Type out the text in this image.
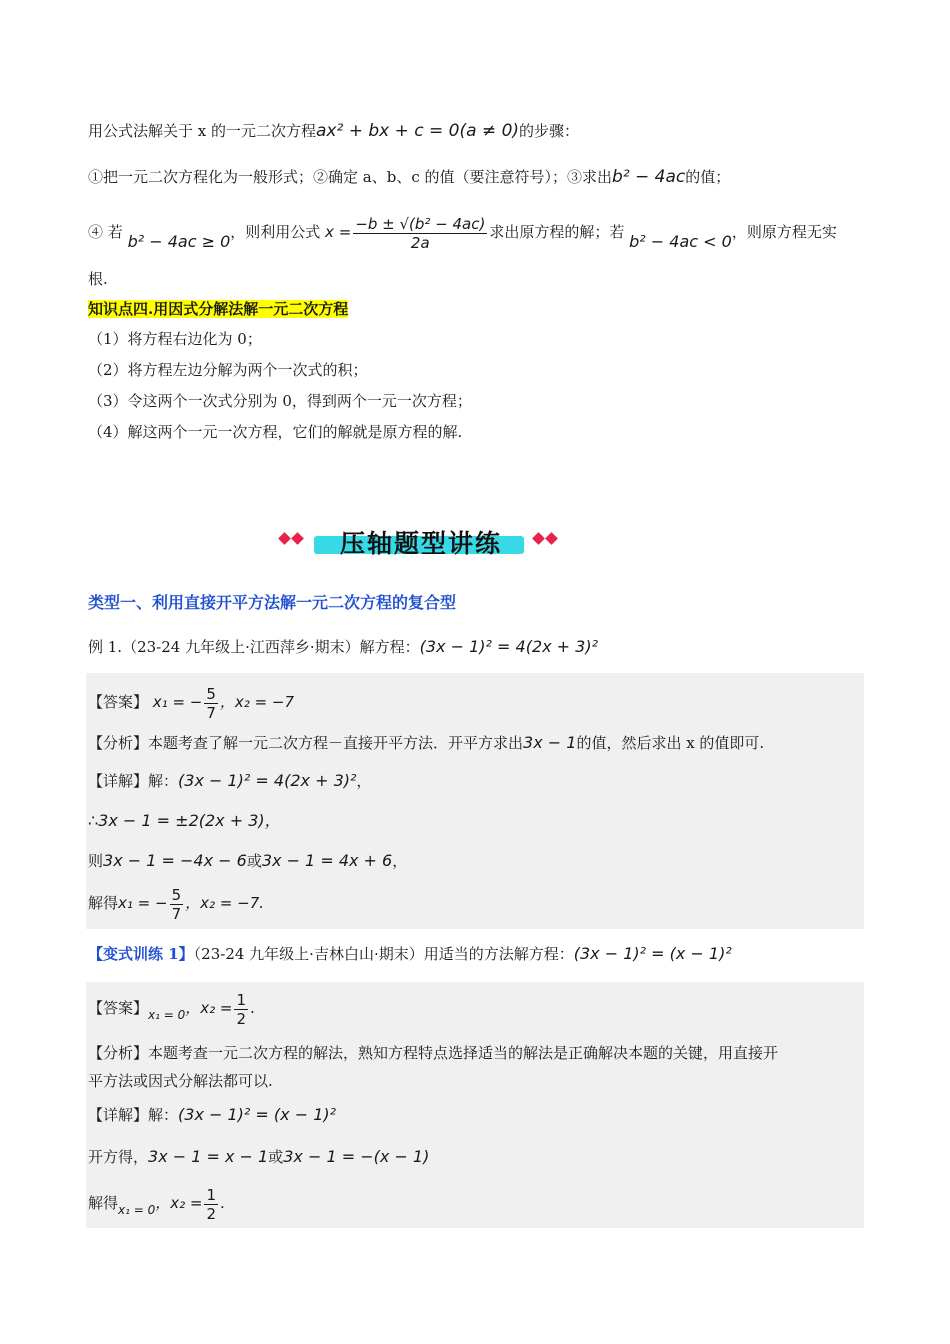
用公式法解关于 x 的一元二次方程ax² + bx + c = 0(a ≠ 0)的步骤：
①把一元二次方程化为一般形式；②确定 a、b、c 的值（要注意符号）；③求出b² − 4ac的值；
④ 若 b² − 4ac ≥ 0，则利用公式 $x = \frac{\text{−b ± √(b² − 4ac)}}{2a}$ 求出原方程的解；若 b² − 4ac < 0，则原方程无实
根.
知识点四.用因式分解法解一元二次方程
（1）将方程右边化为 0；
（2）将方程左边分解为两个一次式的积；
（3）令这两个一次式分别为 0，得到两个一元一次方程；
（4）解这两个一元一次方程，它们的解就是原方程的解.
类型一、利用直接开平方法解一元二次方程的复合型
例 1.（23-24 九年级上·江西萍乡·期末）解方程：(3x − 1)² = 4(2x + 3)²
【答案】 x₁ = − $\frac{5}{7}$ ，x₂ = −7
【分析】本题考查了解一元二次方程－直接开平方法．开平方求出3x − 1的值，然后求出 x 的值即可.
【详解】解：(3x − 1)² = 4(2x + 3)²，
∴3x − 1 = ±2(2x + 3)，
则3x − 1 = −4x − 6或3x − 1 = 4x + 6，
解得x₁ = − $\frac{5}{7}$ ，x₂ = −7.
【变式训练 1】（23-24 九年级上·吉林白山·期末）用适当的方法解方程：(3x − 1)² = (x − 1)²
【答案】$_{x_1 = 0}$，$x_2 = \frac{1}{2}$ .
【分析】本题考查一元二次方程的解法，熟知方程特点选择适当的解法是正确解决本题的关键，用直接开
平方法或因式分解法都可以.
【详解】解：(3x − 1)² = (x − 1)²
开方得，3x − 1 = x − 1或3x − 1 = −(x − 1)
解得$_{x_1 = 0}$，$x_2 = \frac{1}{2}$ .
压轴题型讲练
